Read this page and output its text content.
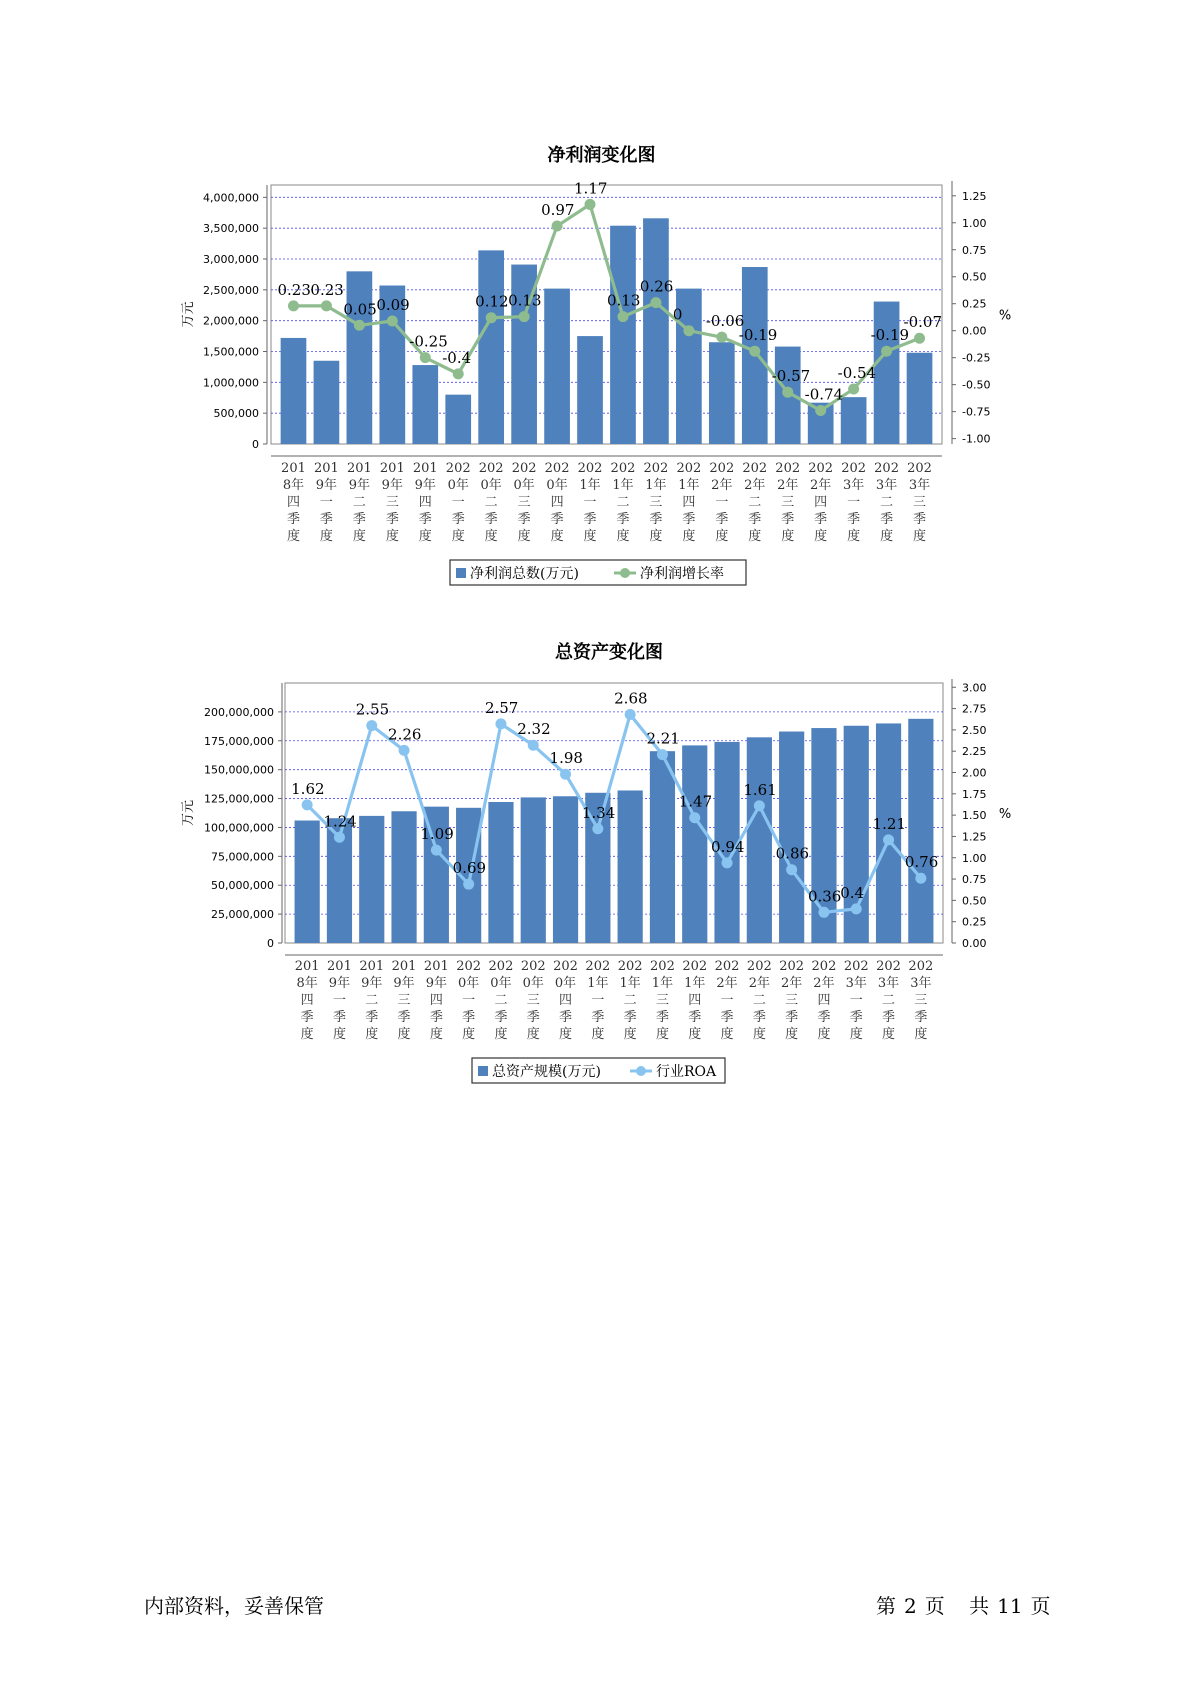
净利润变化图
0
500,000
1,000,000
1,500,000
2,000,000
2,500,000
3,000,000
3,500,000
4,000,000
-1.00
-0.75
-0.50
-0.25
0.00
0.25
0.50
0.75
1.00
1.25
万元	%
201
8年
四
季
度
201
9年
一
季
度
201
9年
二
季
度
201
9年
三
季
度
201
9年
四
季
度
202
0年
一
季
度
202
0年
二
季
度
202
0年
三
季
度
202
0年
四
季
度
202
1年
一
季
度
202
1年
二
季
度
202
1年
三
季
度
202
1年
四
季
度
202
2年
一
季
度
202
2年
二
季
度
202
2年
三
季
度
202
2年
四
季
度
202
3年
一
季
度
202
3年
二
季
度
202
3年
三
季
度
0.23 0.23
0.05 0.09
-0.25
-0.4
0.12 0.13
0.97
1.17
0.13
0.26
0 -0.06
-0.19
-0.57
-0.74
-0.54
-0.19
-0.07
净利润总数(万元)	净利润增长率
总资产变化图
0
25,000,000
50,000,000
75,000,000
100,000,000
125,000,000
150,000,000
175,000,000
200,000,000
0.00
0.25
0.50
0.75
1.00
1.25
1.50
1.75
2.00
2.25
2.50
2.75
3.00
万元	%
201
8年
四
季
度
201
9年
一
季
度
201
9年
二
季
度
201
9年
三
季
度
201
9年
四
季
度
202
0年
一
季
度
202
0年
二
季
度
202
0年
三
季
度
202
0年
四
季
度
202
1年
一
季
度
202
1年
二
季
度
202
1年
三
季
度
202
1年
四
季
度
202
2年
一
季
度
202
2年
二
季
度
202
2年
三
季
度
202
2年
四
季
度
202
3年
一
季
度
202
3年
二
季
度
202
3年
三
季
度
1.62
1.24
2.55
2.26
1.09
0.69
2.57
2.32
1.98
1.34
2.68
2.21
1.47
0.94
1.61
0.86
0.36
0.4
1.21
0.76
总资产规模(万元)	行业ROA
内部资料，妥善保管	第 2 页 共 11 页
